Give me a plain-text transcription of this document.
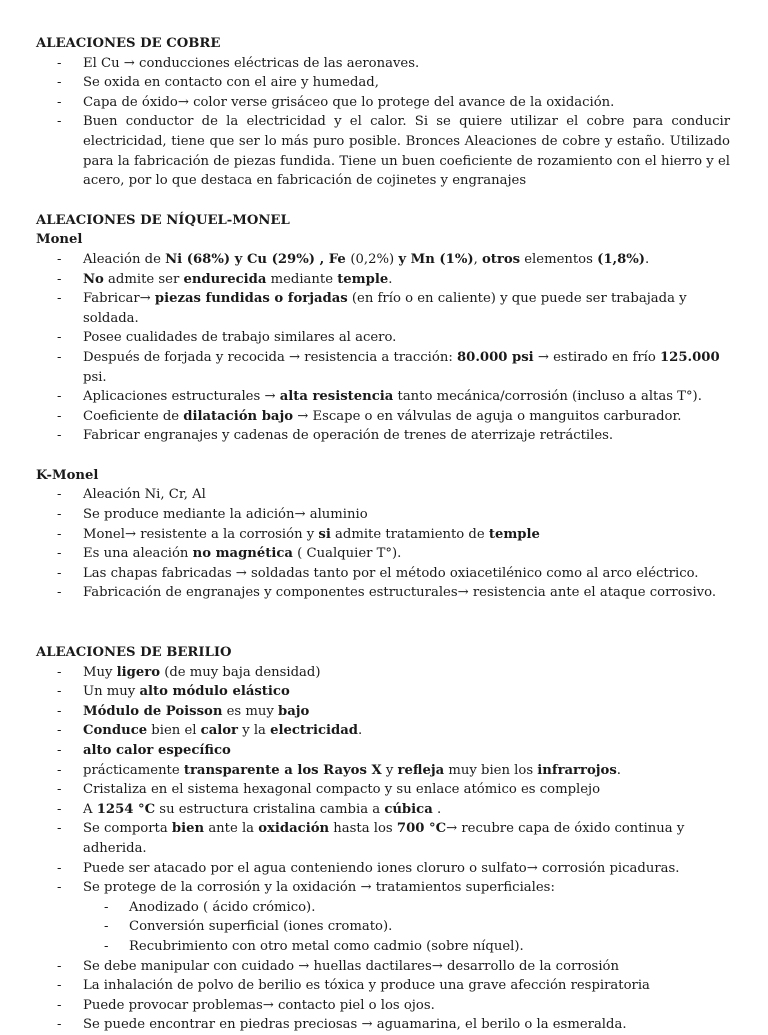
ALEACIONES DE COBRE

- El Cu → conducciones eléctricas de las aeronaves.
- Se oxida en contacto con el aire y humedad,
- Capa de óxido→ color verse grisáceo que lo protege del avance de la oxidación.
- Buen conductor de la electricidad y el calor. Si se quiere utilizar el cobre para conducir electricidad, tiene que ser lo más puro posible. Bronces Aleaciones de cobre y estaño. Utilizado para la fabricación de piezas fundida. Tiene un buen coeficiente de rozamiento con el hierro y el acero, por lo que destaca en fabricación de cojinetes y engranajes

ALEACIONES DE NÍQUEL-MONEL

Monel

- Aleación de Ni (68%) y Cu (29%) , Fe (0,2%) y Mn (1%), otros elementos (1,8%).
- No admite ser endurecida mediante temple.
- Fabricar→ piezas fundidas o forjadas (en frío o en caliente) y que puede ser trabajada y soldada.
- Posee cualidades de trabajo similares al acero.
- Después de forjada y recocida → resistencia a tracción: 80.000 psi → estirado en frío 125.000 psi.
- Aplicaciones estructurales → alta resistencia tanto mecánica/corrosión (incluso a altas T°).
- Coeficiente de dilatación bajo → Escape o en válvulas de aguja o manguitos carburador.
- Fabricar engranajes y cadenas de operación de trenes de aterrizaje retráctiles.

K-Monel

- Aleación Ni, Cr, Al
- Se produce mediante la adición→ aluminio
- Monel→ resistente a la corrosión y si admite tratamiento de temple
- Es una aleación no magnética ( Cualquier T°).
- Las chapas fabricadas → soldadas tanto por el método oxiacetilénico como al arco eléctrico.
- Fabricación de engranajes y componentes estructurales→ resistencia ante el ataque corrosivo.

ALEACIONES DE BERILIO

- Muy ligero (de muy baja densidad)
- Un muy alto módulo elástico
- Módulo de Poisson es muy bajo
- Conduce bien el calor y la electricidad.
- alto calor específico
- prácticamente transparente a los Rayos X y refleja muy bien los infrarrojos.
- Cristaliza en el sistema hexagonal compacto y su enlace atómico es complejo
- A 1254 °C su estructura cristalina cambia a cúbica .
- Se comporta bien ante la oxidación hasta los 700 °C→ recubre capa de óxido continua y adherida.
- Puede ser atacado por el agua conteniendo iones cloruro o sulfato→ corrosión picaduras.
- Se protege de la corrosión y la oxidación → tratamientos superficiales:
- Anodizado ( ácido crómico).
- Conversión superficial (iones cromato).
- Recubrimiento con otro metal como cadmio (sobre níquel).
- Se debe manipular con cuidado → huellas dactilares→ desarrollo de la corrosión
- La inhalación de polvo de berilio es tóxica y produce una grave afección respiratoria
- Puede provocar problemas→ contacto piel o los ojos.
- Se puede encontrar en piedras preciosas → aguamarina, el berilo o la esmeralda.
